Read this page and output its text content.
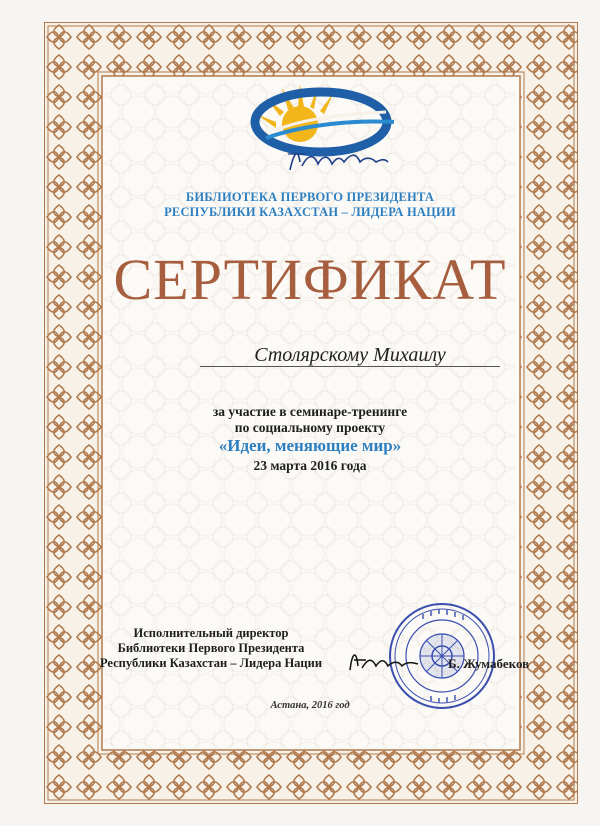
БИБЛИОТЕКА ПЕРВОГО ПРЕЗИДЕНТА
РЕСПУБЛИКИ КАЗАХСТАН – ЛИДЕРА НАЦИИ
СЕРТИФИКАТ
Столярскому Михаилу
за участие в семинаре-тренинге
по социальному проекту
«Идеи, меняющие мир»
23 марта 2016 года
Исполнительный директор
Библиотеки Первого Президента
Республики Казахстан – Лидера Нации	Б. Жумабеков
Астана, 2016 год
